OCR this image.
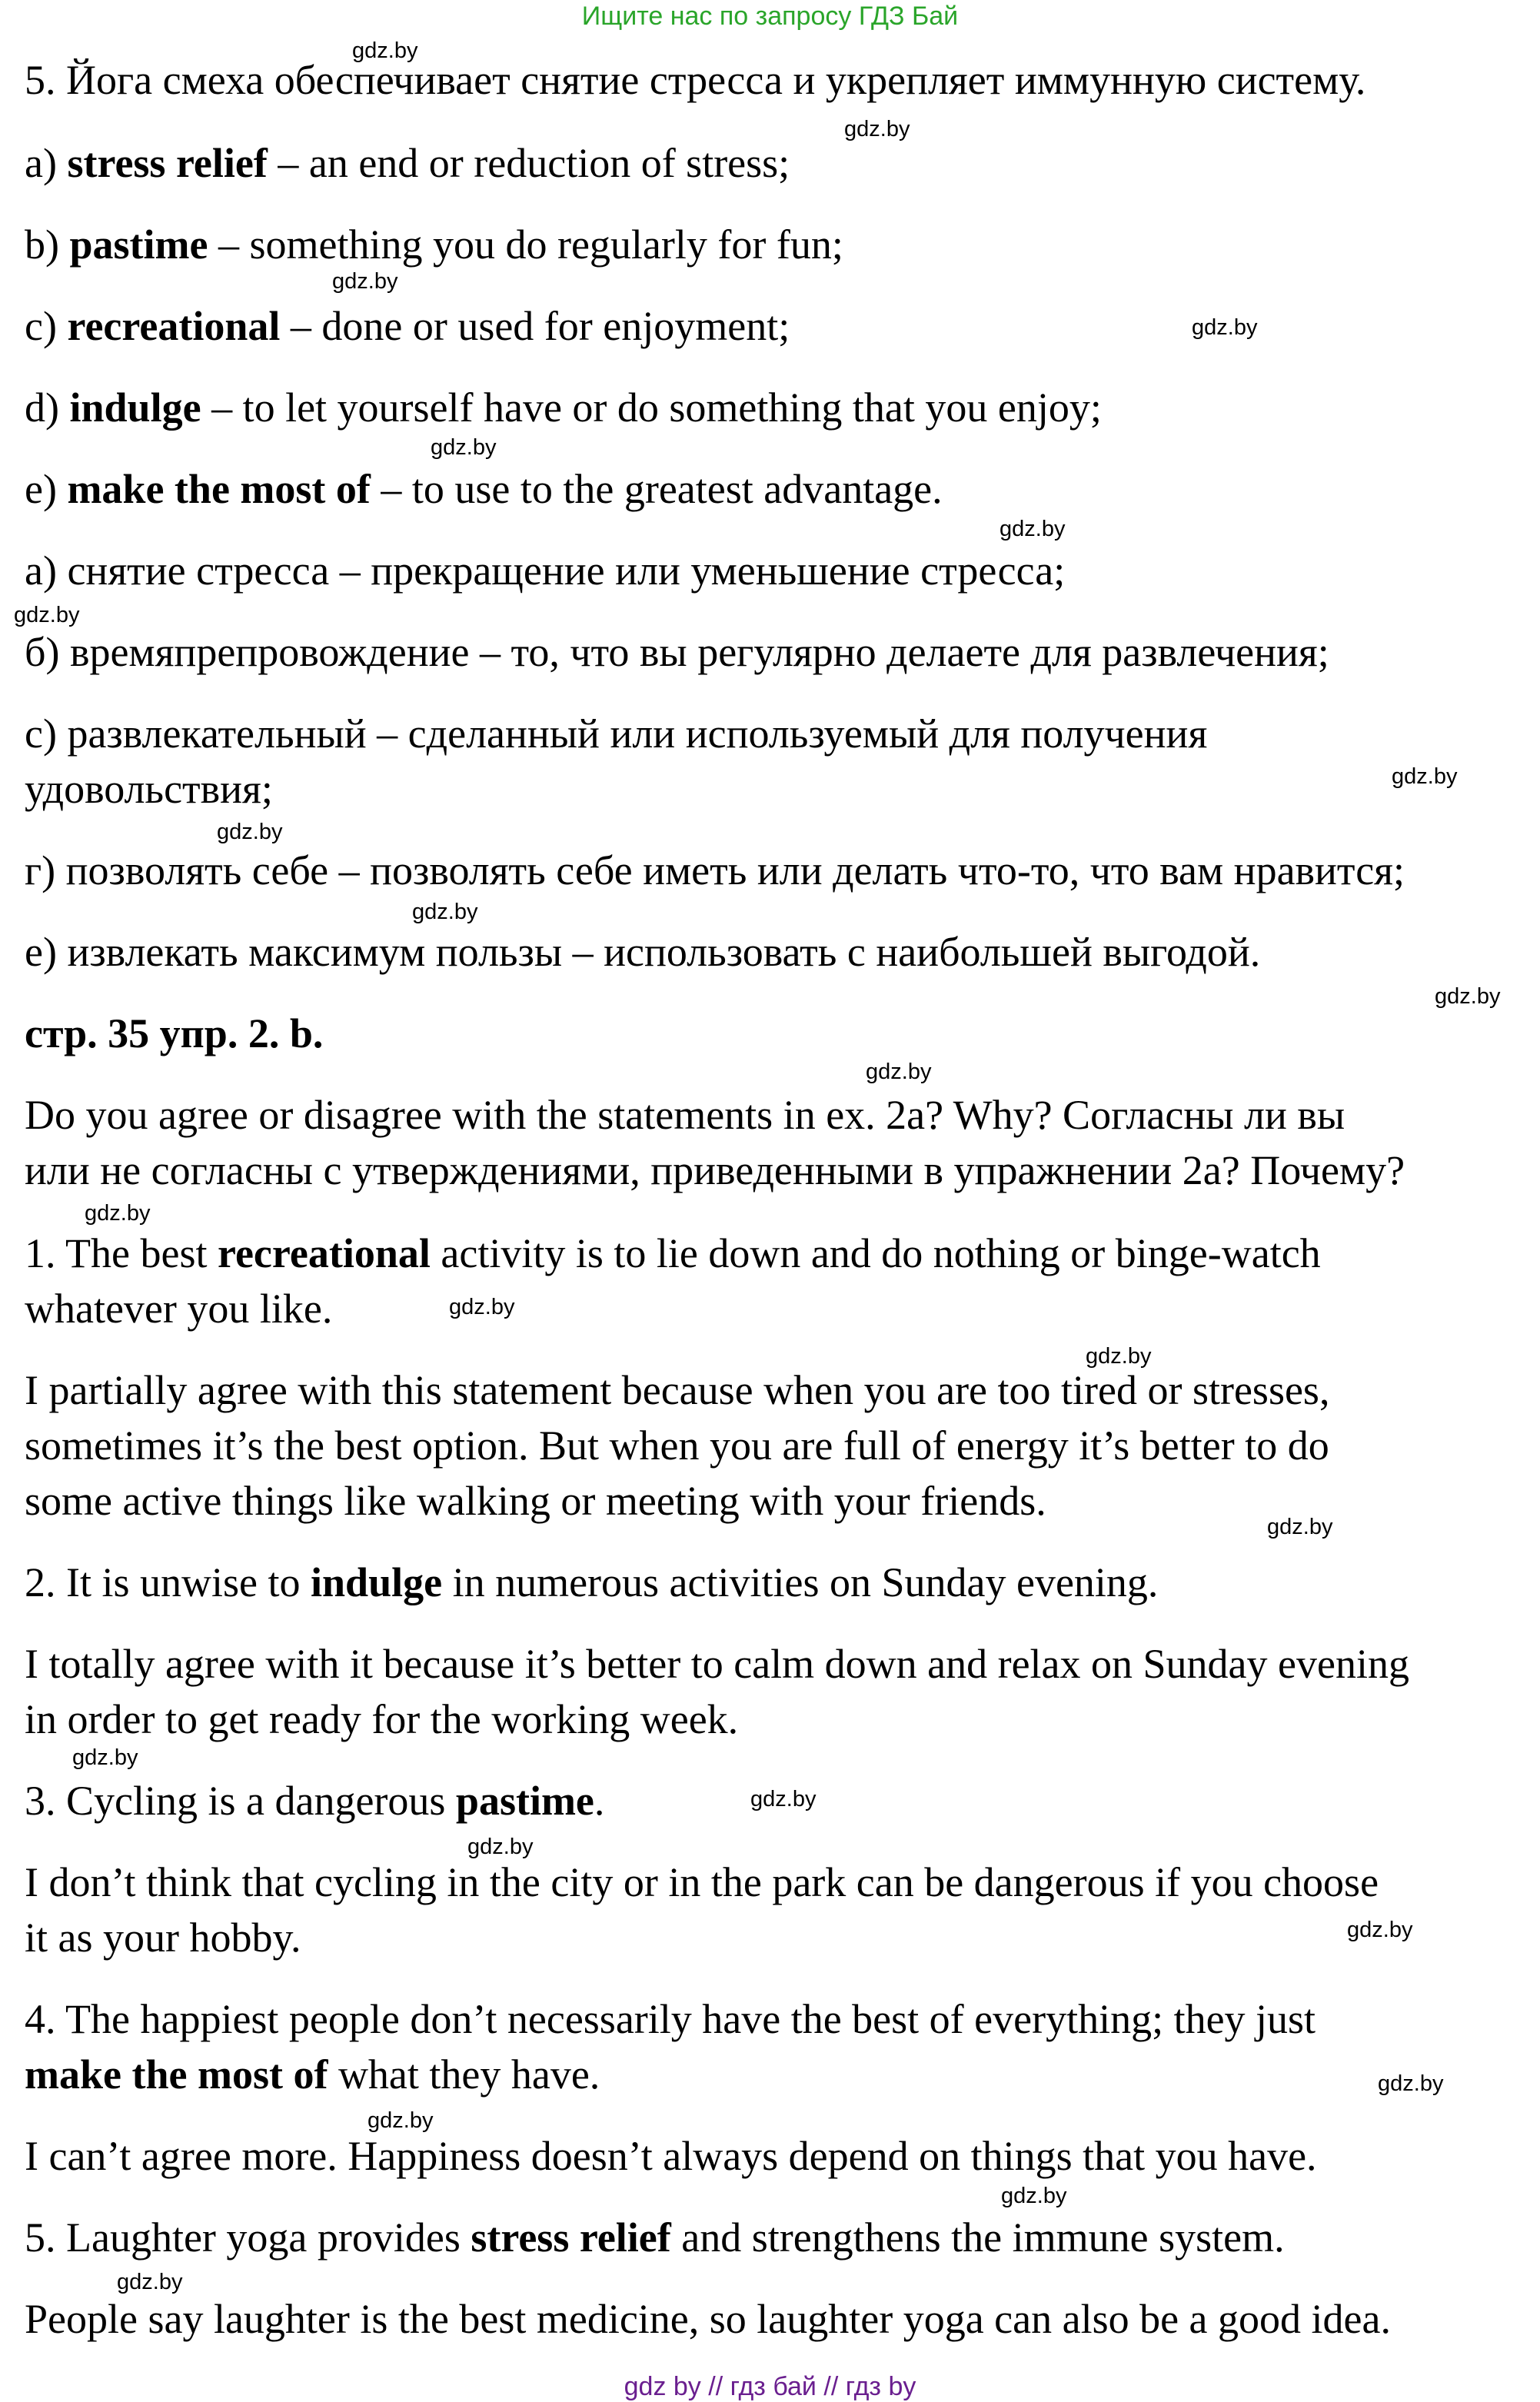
Ищите нас по запросу ГДЗ Бай

5. Йога смеха обеспечивает снятие стресса и укрепляет иммунную систему.

a) stress relief – an end or reduction of stress;

b) pastime – something you do regularly for fun;

c) recreational – done or used for enjoyment;

d) indulge – to let yourself have or do something that you enjoy;

e) make the most of – to use to the greatest advantage.

а) снятие стресса – прекращение или уменьшение стресса;

б) времяпрепровождение – то, что вы регулярно делаете для развлечения;

с) развлекательный – сделанный или используемый для получения

удовольствия;

г) позволять себе – позволять себе иметь или делать что-то, что вам нравится;

е) извлекать максимум пользы – использовать с наибольшей выгодой.

стр. 35 упр. 2. b.

Do you agree or disagree with the statements in ex. 2a? Why? Согласны ли вы

или не согласны с утверждениями, приведенными в упражнении 2a? Почему?

1. The best recreational activity is to lie down and do nothing or binge-watch

whatever you like.

I partially agree with this statement because when you are too tired or stresses,

sometimes it’s the best option. But when you are full of energy it’s better to do

some active things like walking or meeting with your friends.

2. It is unwise to indulge in numerous activities on Sunday evening.

I totally agree with it because it’s better to calm down and relax on Sunday evening

in order to get ready for the working week.

3. Cycling is a dangerous pastime.

I don’t think that cycling in the city or in the park can be dangerous if you choose

it as your hobby.

4. The happiest people don’t necessarily have the best of everything; they just

make the most of what they have.

I can’t agree more. Happiness doesn’t always depend on things that you have.

5. Laughter yoga provides stress relief and strengthens the immune system.

People say laughter is the best medicine, so laughter yoga can also be a good idea.

gdz.by
gdz.by
gdz.by
gdz.by
gdz.by
gdz.by
gdz.by
gdz.by
gdz.by
gdz.by
gdz.by
gdz.by
gdz.by
gdz.by
gdz.by
gdz.by
gdz.by
gdz.by
gdz.by
gdz.by
gdz.by
gdz.by
gdz.by
gdz.by
gdz by // гдз бай // гдз by
